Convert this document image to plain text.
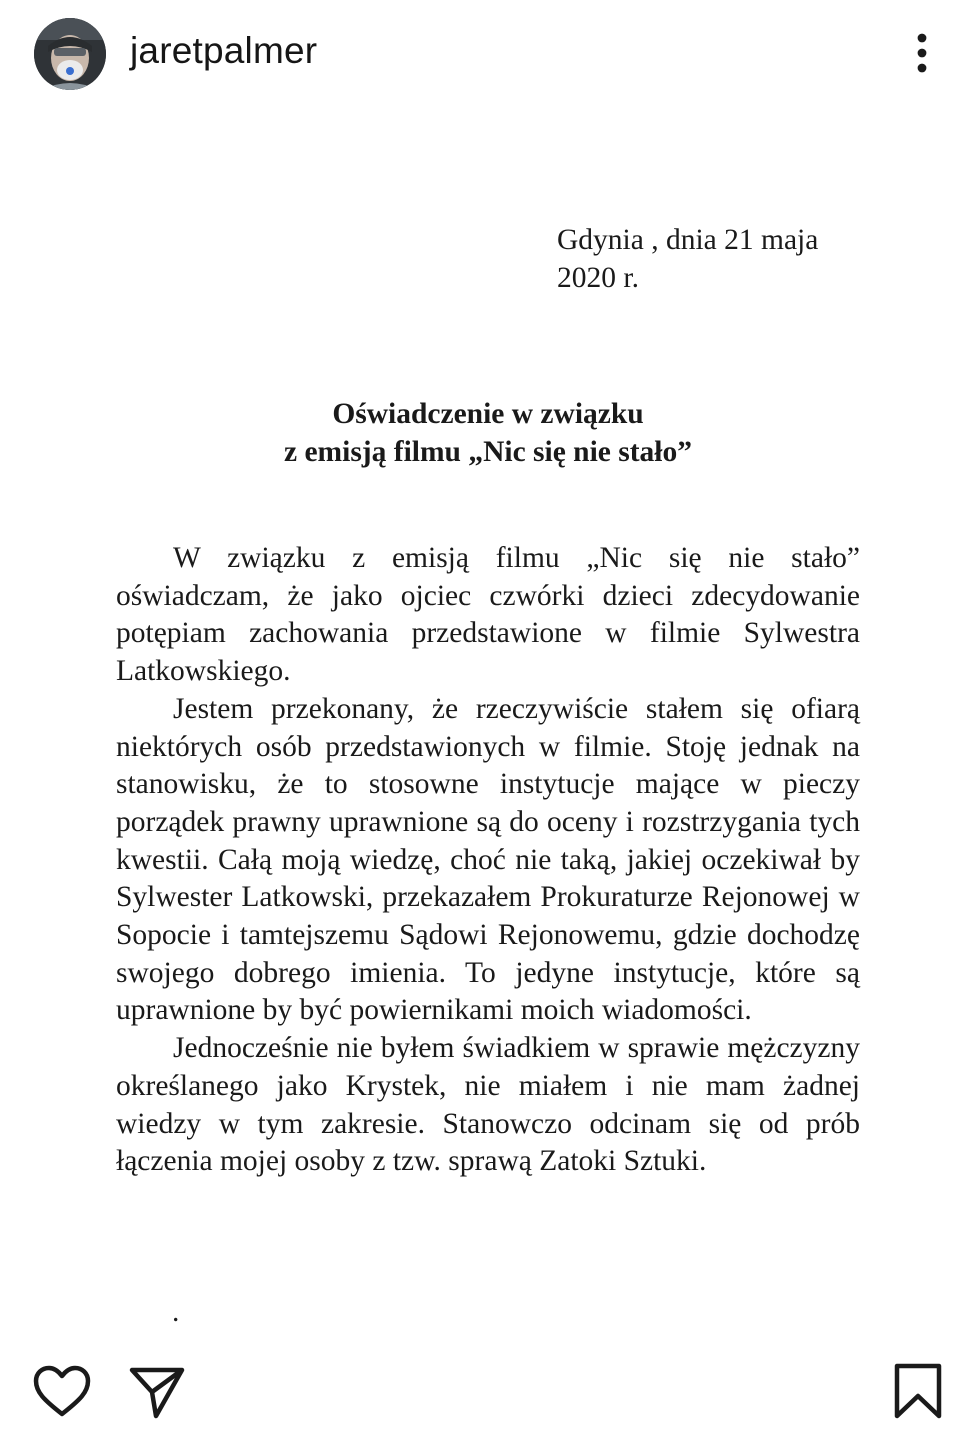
jaretpalmer
Gdynia , dnia 21 maja
2020 r.
Oświadczenie w związku
z emisją filmu „Nic się nie stało”

W związku z emisją filmu „Nic się nie stało” oświadczam, że jako ojciec czwórki dzieci zdecydowanie potępiam zachowania przedstawione w filmie Sylwestra Latkowskiego.

Jestem przekonany, że rzeczywiście stałem się ofiarą niektórych osób przedstawionych w filmie. Stoję jednak na stanowisku, że to stosowne instytucje mające w pieczy porządek prawny uprawnione są do oceny i rozstrzygania tych kwestii. Całą moją wiedzę, choć nie taką, jakiej oczekiwał by Sylwester Latkowski, przekazałem Prokuraturze Rejonowej w Sopocie i tamtejszemu Sądowi Rejonowemu, gdzie dochodzę swojego dobrego imienia. To jedyne instytucje, które są uprawnione by być powiernikami moich wiadomości.

Jednocześnie nie byłem świadkiem w sprawie mężczyzny określanego jako Krystek, nie miałem i nie mam żadnej wiedzy w tym zakresie. Stanowczo odcinam się od prób łączenia mojej osoby z tzw. sprawą Zatoki Sztuki.

.
